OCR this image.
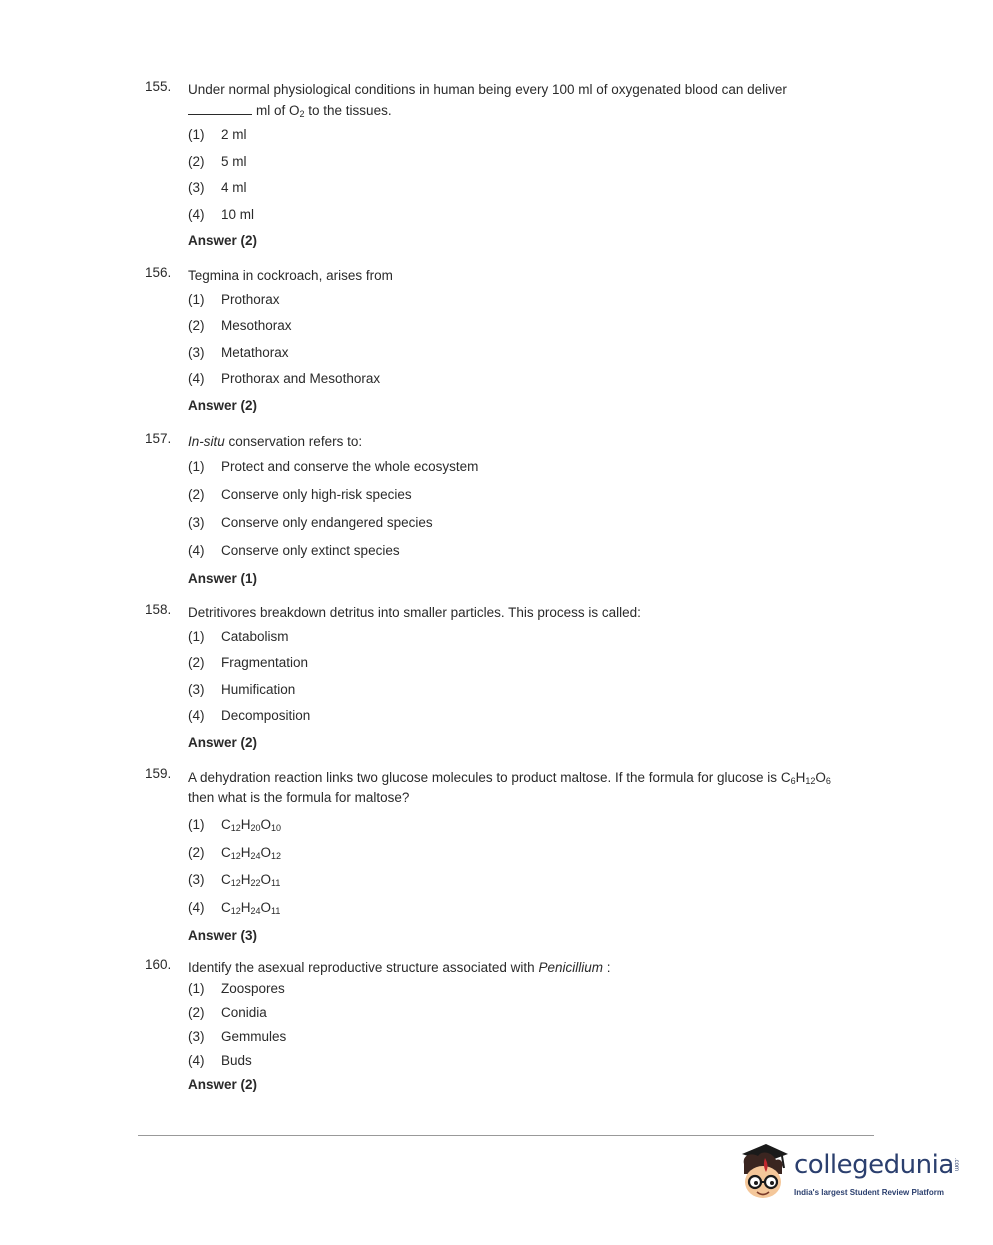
155. Under normal physiological conditions in human being every 100 ml of oxygenated blood can deliver
ml of $O_2$ to the tissues.
(1) 2 ml
(2) 5 ml
(3) 4 ml
(4) 10 ml
Answer (2)
156. Tegmina in cockroach, arises from
(1) Prothorax
(2) Mesothorax
(3) Metathorax
(4) Prothorax and Mesothorax
Answer (2)
157. In-situ conservation refers to:
(1) Protect and conserve the whole ecosystem
(2) Conserve only high-risk species
(3) Conserve only endangered species
(4) Conserve only extinct species
Answer (1)
158. Detritivores breakdown detritus into smaller particles. This process is called:
(1) Catabolism
(2) Fragmentation
(3) Humification
(4) Decomposition
Answer (2)
159. A dehydration reaction links two glucose molecules to product maltose. If the formula for glucose is $C_6H_{12}O_6$
then what is the formula for maltose?
(1) $C_{12}H_{20}O_{10}$
(2) $C_{12}H_{24}O_{12}$
(3) $C_{12}H_{22}O_{11}$
(4) $C_{12}H_{24}O_{11}$
Answer (3)
160. Identify the asexual reproductive structure associated with Penicillium :
(1) Zoospores
(2) Conidia
(3) Gemmules
(4) Buds
Answer (2)
collegedunia .com
India's largest Student Review Platform
